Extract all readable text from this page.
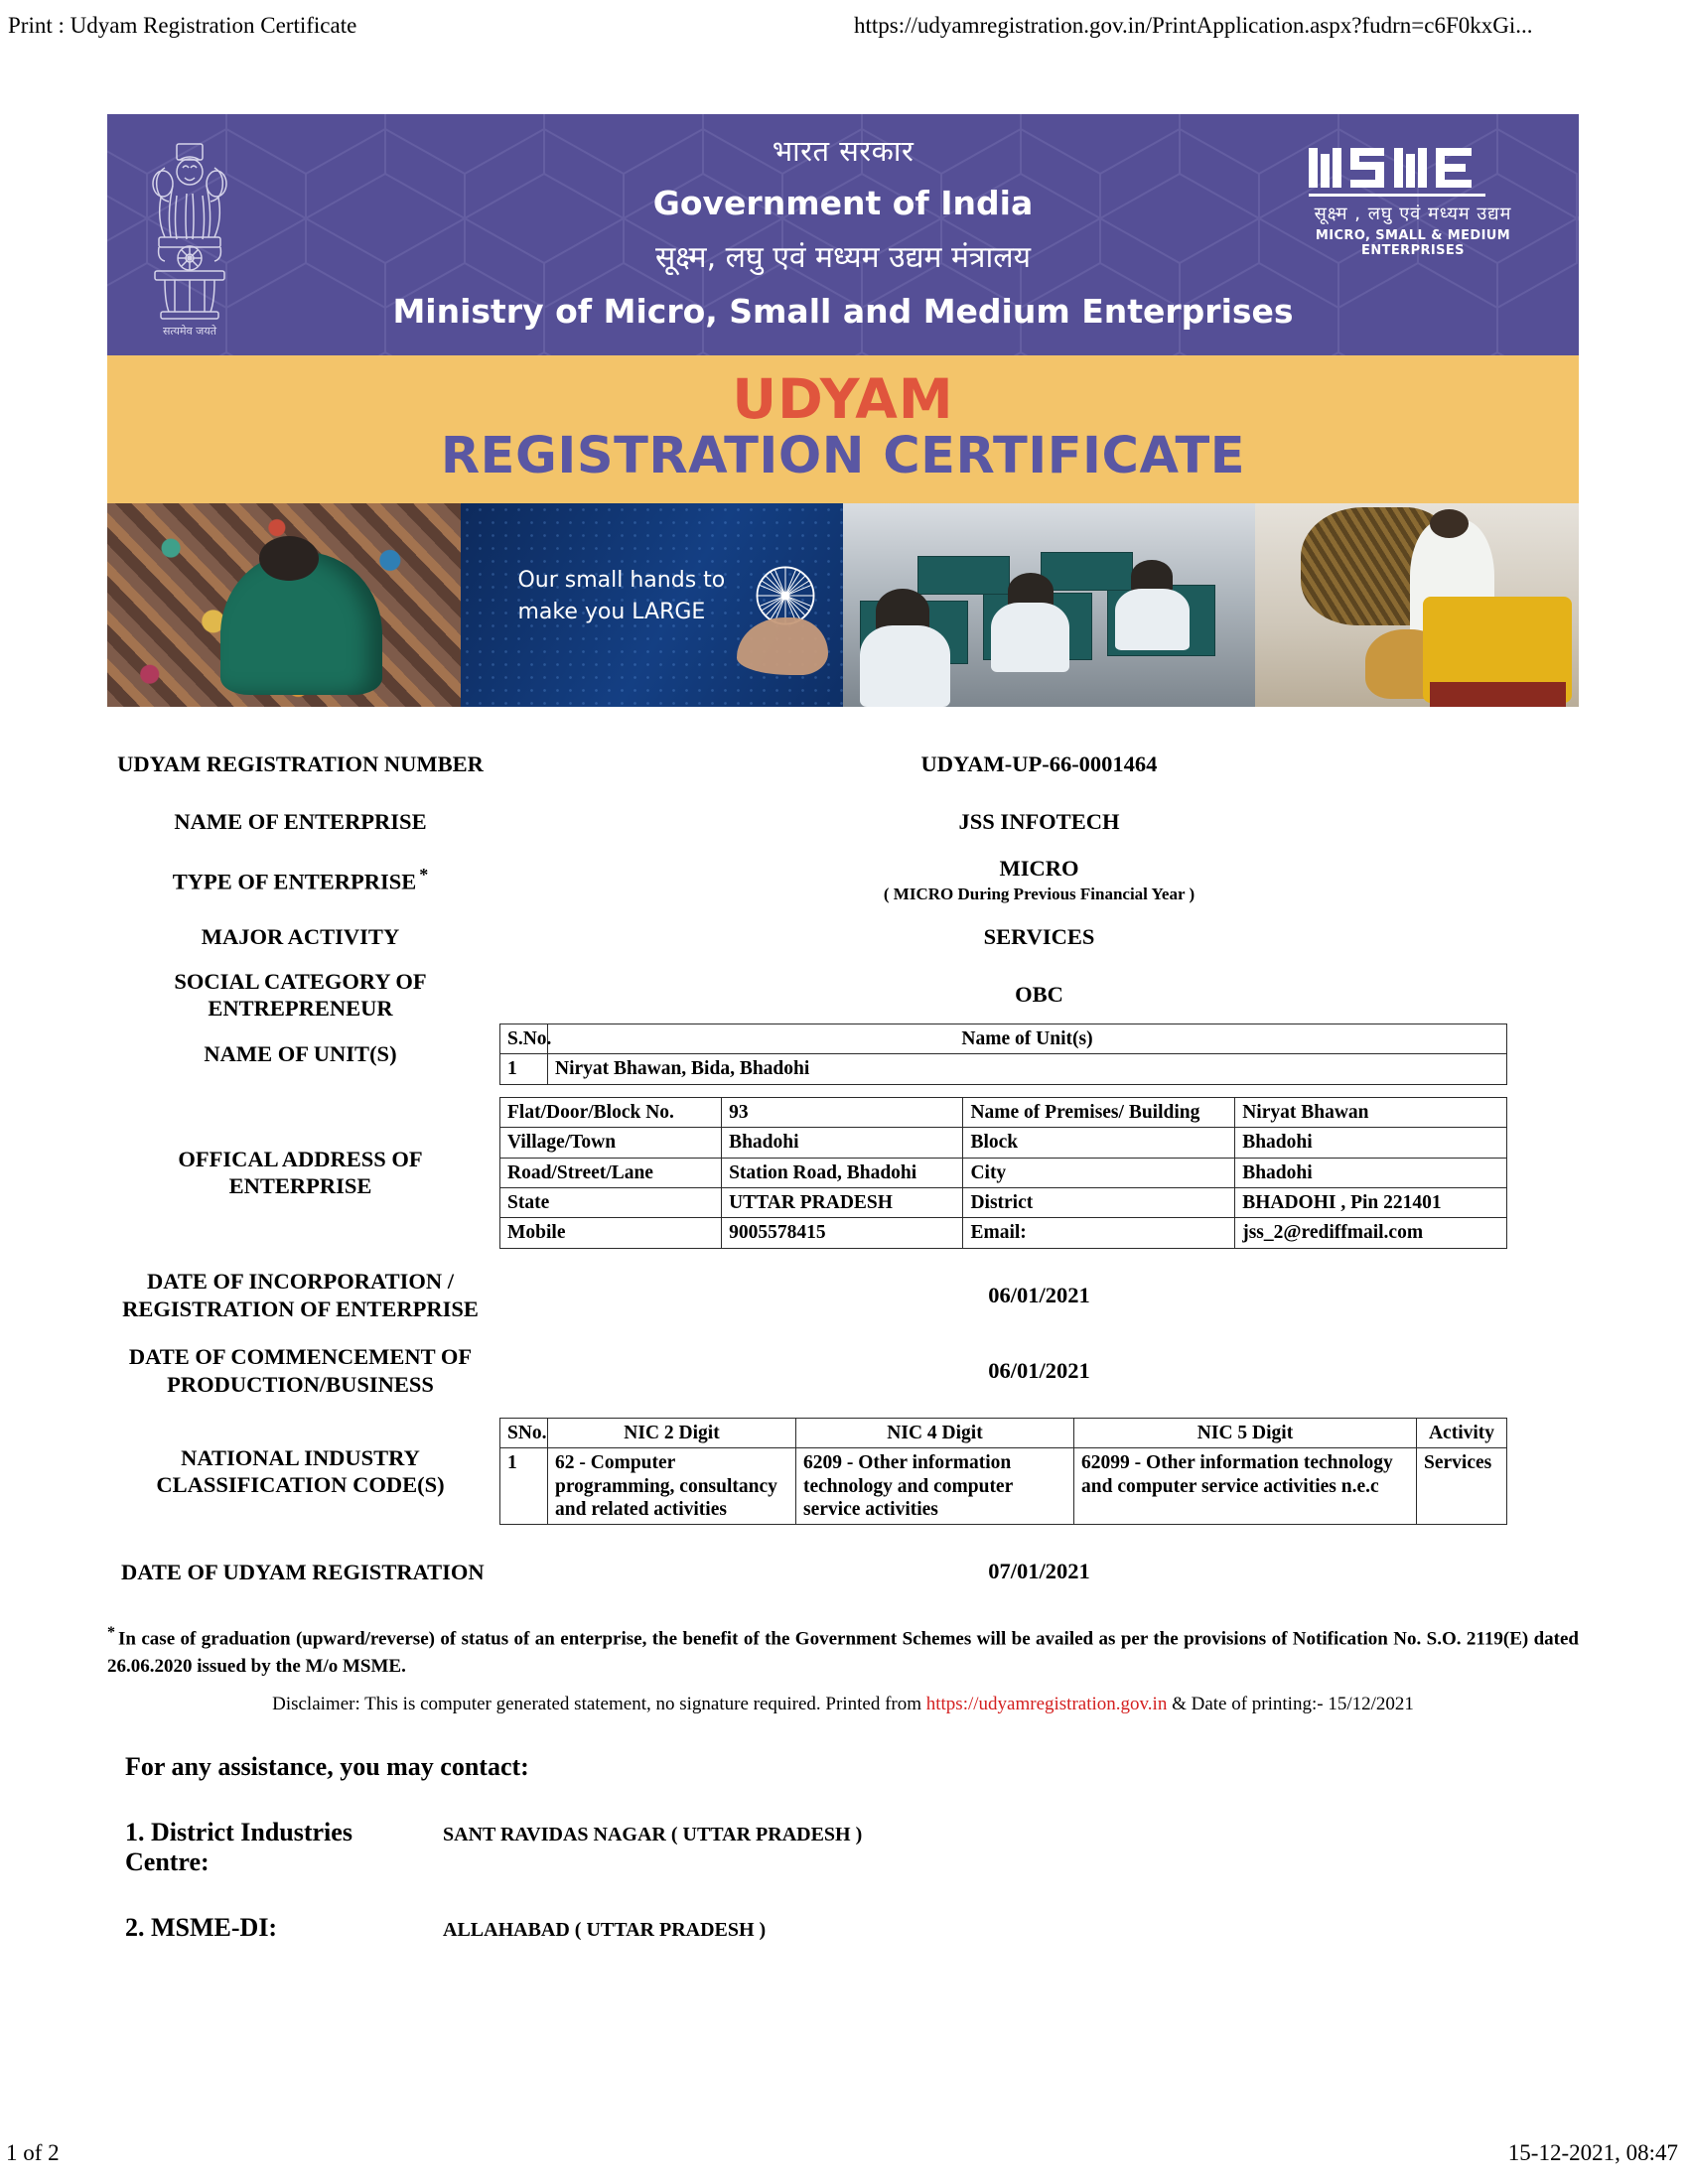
Print : Udyam Registration Certificate	https://udyamregistration.gov.in/PrintApplication.aspx?fudrn=c6F0kxGi...
सत्यमेव जयते
भारत सरकार
Government of India
सूक्ष्म, लघु एवं मध्यम उद्यम मंत्रालय
Ministry of Micro, Small and Medium Enterprises
सूक्ष्म , लघु एवं मध्यम उद्यम
MICRO, SMALL & MEDIUM ENTERPRISES
UDYAM
REGISTRATION CERTIFICATE
Our small hands to
make you LARGE
UDYAM REGISTRATION NUMBER	UDYAM-UP-66-0001464
NAME OF ENTERPRISE	JSS INFOTECH
TYPE OF ENTERPRISE *	MICRO
( MICRO During Previous Financial Year )
MAJOR ACTIVITY	SERVICES
SOCIAL CATEGORY OF ENTREPRENEUR
OBC
NAME OF UNIT(S)
S.No.	Name of Unit(s)
1	Niryat Bhawan, Bida, Bhadohi
OFFICAL ADDRESS OF ENTERPRISE
Flat/Door/Block No.	93	Name of Premises/ Building	Niryat Bhawan
Village/Town	Bhadohi	Block	Bhadohi
Road/Street/Lane	Station Road, Bhadohi	City	Bhadohi
State	UTTAR PRADESH	District	BHADOHI , Pin 221401
Mobile	9005578415	Email:	jss_2@rediffmail.com
DATE OF INCORPORATION / REGISTRATION OF ENTERPRISE
06/01/2021
DATE OF COMMENCEMENT OF PRODUCTION/BUSINESS
06/01/2021
NATIONAL INDUSTRY CLASSIFICATION CODE(S)
SNo.	NIC 2 Digit	NIC 4 Digit	NIC 5 Digit	Activity
1	62 - Computer programming, consultancy and related activities	6209 - Other information technology and computer service activities	62099 - Other information technology and computer service activities n.e.c	Services
DATE OF UDYAM REGISTRATION	07/01/2021
* In case of graduation (upward/reverse) of status of an enterprise, the benefit of the Government Schemes will be availed as per the provisions of Notification No. S.O. 2119(E) dated 26.06.2020 issued by the M/o MSME.
Disclaimer: This is computer generated statement, no signature required. Printed from https://udyamregistration.gov.in & Date of printing:- 15/12/2021
For any assistance, you may contact:
1. District Industries Centre:
SANT RAVIDAS NAGAR ( UTTAR PRADESH )
2. MSME-DI:	ALLAHABAD ( UTTAR PRADESH )
1 of 2	15-12-2021, 08:47
